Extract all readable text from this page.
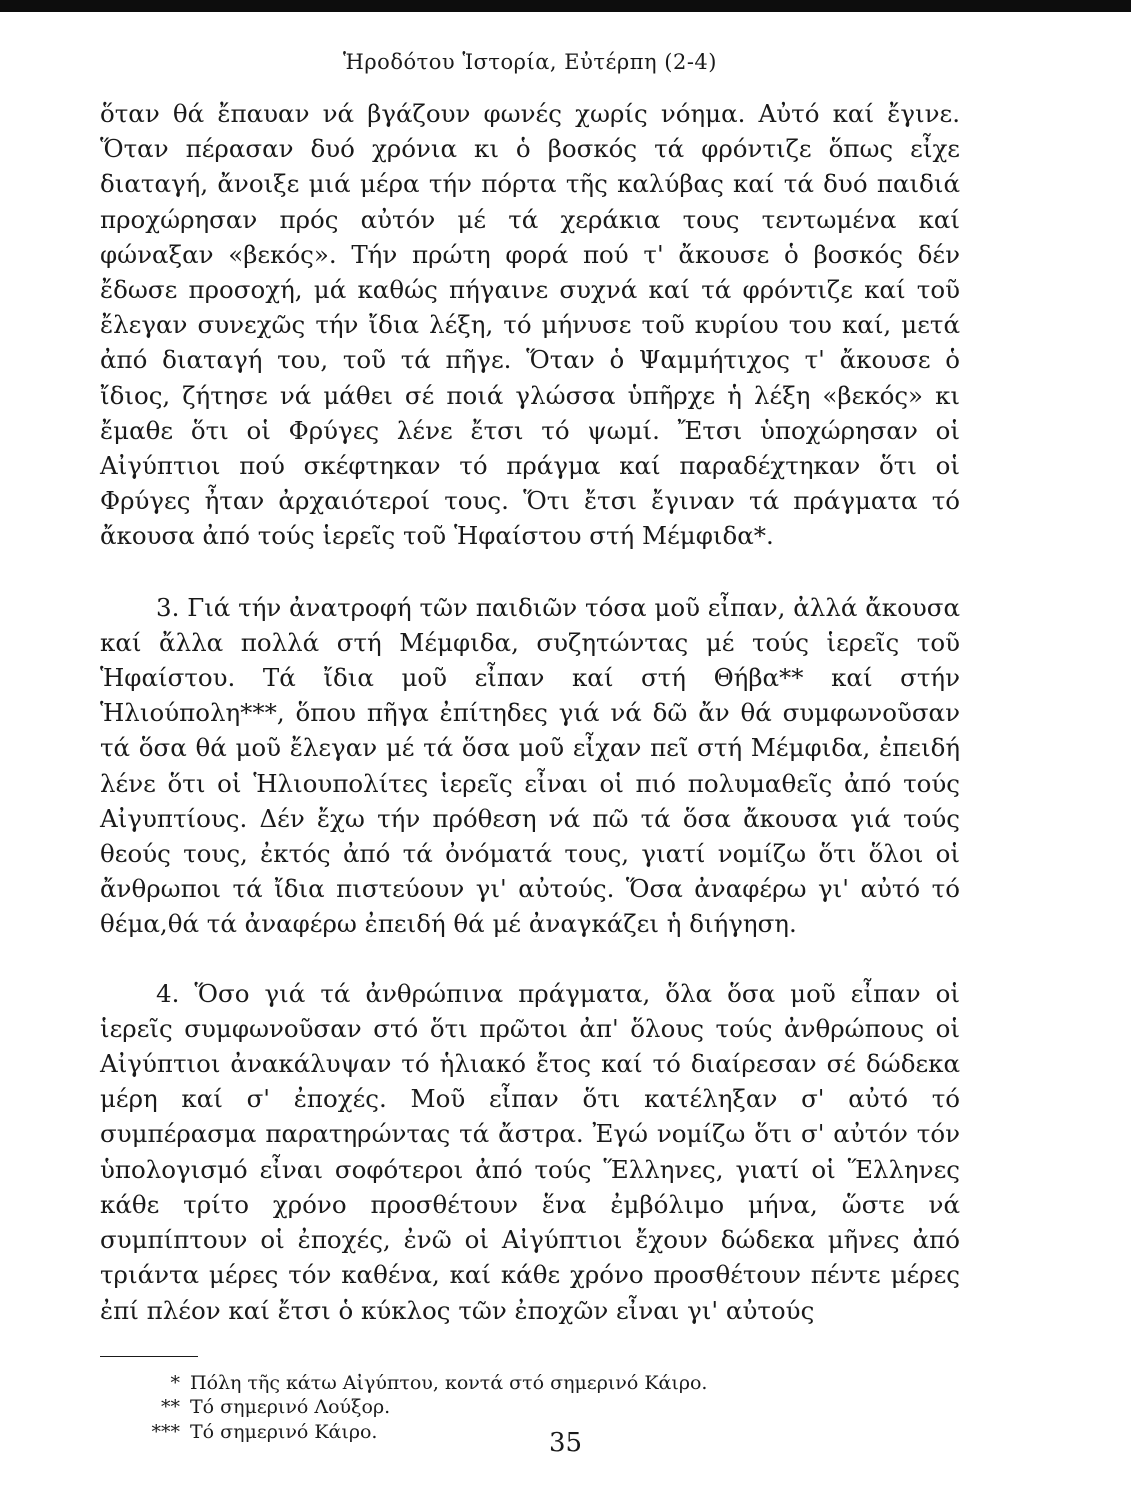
Ἡροδότου Ἱστορία, Εὐτέρπη (2-4)

ὅταν θά ἔπαυαν νά βγάζουν φωνές χωρίς νόημα. Αὐτό καί ἔγινε. Ὅταν πέρασαν δυό χρόνια κι ὁ βοσκός τά φρόντιζε ὅπως εἶχε διαταγή, ἄνοιξε μιά μέρα τήν πόρτα τῆς καλύβας καί τά δυό παιδιά προχώρησαν πρός αὐτόν μέ τά χεράκια τους τεντωμένα καί φώναξαν «βεκός». Τήν πρώτη φορά πού τ' ἄκουσε ὁ βοσκός δέν ἔδωσε προσοχή, μά καθώς πήγαινε συχνά καί τά φρόντιζε καί τοῦ ἔλεγαν συνεχῶς τήν ἴδια λέξη, τό μήνυσε τοῦ κυρίου του καί, μετά ἀπό διαταγή του, τοῦ τά πῆγε. Ὅταν ὁ Ψαμμήτιχος τ' ἄκουσε ὁ ἴδιος, ζήτησε νά μάθει σέ ποιά γλώσσα ὑπῆρχε ἡ λέξη «βεκός» κι ἔμαθε ὅτι οἱ Φρύγες λένε ἔτσι τό ψωμί. Ἔτσι ὑποχώρησαν οἱ Αἰγύπτιοι πού σκέφτηκαν τό πράγμα καί παραδέχτηκαν ὅτι οἱ Φρύγες ἦταν ἀρχαιότεροί τους. Ὅτι ἔτσι ἔγιναν τά πράγματα τό ἄκουσα ἀπό τούς ἱερεῖς τοῦ Ἡφαίστου στή Μέμφιδα*.

3. Γιά τήν ἀνατροφή τῶν παιδιῶν τόσα μοῦ εἶπαν, ἀλλά ἄκουσα καί ἄλλα πολλά στή Μέμφιδα, συζητώντας μέ τούς ἱερεῖς τοῦ Ἡφαίστου. Τά ἴδια μοῦ εἶπαν καί στή Θήβα** καί στήν Ἡλιούπολη***, ὅπου πῆγα ἐπίτηδες γιά νά δῶ ἄν θά συμφωνοῦσαν τά ὅσα θά μοῦ ἔλεγαν μέ τά ὅσα μοῦ εἶχαν πεῖ στή Μέμφιδα, ἐπειδή λένε ὅτι οἱ Ἡλιουπολίτες ἱερεῖς εἶναι οἱ πιό πολυμαθεῖς ἀπό τούς Αἰγυπτίους. Δέν ἔχω τήν πρόθεση νά πῶ τά ὅσα ἄκουσα γιά τούς θεούς τους, ἐκτός ἀπό τά ὀνόματά τους, γιατί νομίζω ὅτι ὅλοι οἱ ἄνθρωποι τά ἴδια πιστεύουν γι' αὐτούς. Ὅσα ἀναφέρω γι' αὐτό τό θέμα,θά τά ἀναφέρω ἐπειδή θά μέ ἀναγκάζει ἡ διήγηση.

4. Ὅσο γιά τά ἀνθρώπινα πράγματα, ὅλα ὅσα μοῦ εἶπαν οἱ ἱερεῖς συμφωνοῦσαν στό ὅτι πρῶτοι ἀπ' ὅλους τούς ἀνθρώπους οἱ Αἰγύπτιοι ἀνακάλυψαν τό ἡλιακό ἔτος καί τό διαίρεσαν σέ δώδεκα μέρη καί σ' ἐποχές. Μοῦ εἶπαν ὅτι κατέληξαν σ' αὐτό τό συμπέρασμα παρατηρώντας τά ἄστρα. Ἐγώ νομίζω ὅτι σ' αὐτόν τόν ὑπολογισμό εἶναι σοφότεροι ἀπό τούς Ἕλληνες, γιατί οἱ Ἕλληνες κάθε τρίτο χρόνο προσθέτουν ἕνα ἐμβόλιμο μήνα, ὥστε νά συμπίπτουν οἱ ἐποχές, ἐνῶ οἱ Αἰγύπτιοι ἔχουν δώδεκα μῆνες ἀπό τριάντα μέρες τόν καθένα, καί κάθε χρόνο προσθέτουν πέντε μέρες ἐπί πλέον καί ἔτσι ὁ κύκλος τῶν ἐποχῶν εἶναι γι' αὐτούς

* Πόλη τῆς κάτω Αἰγύπτου, κοντά στό σημερινό Κάιρο.
** Τό σημερινό Λούξορ.
*** Τό σημερινό Κάιρο.	35
